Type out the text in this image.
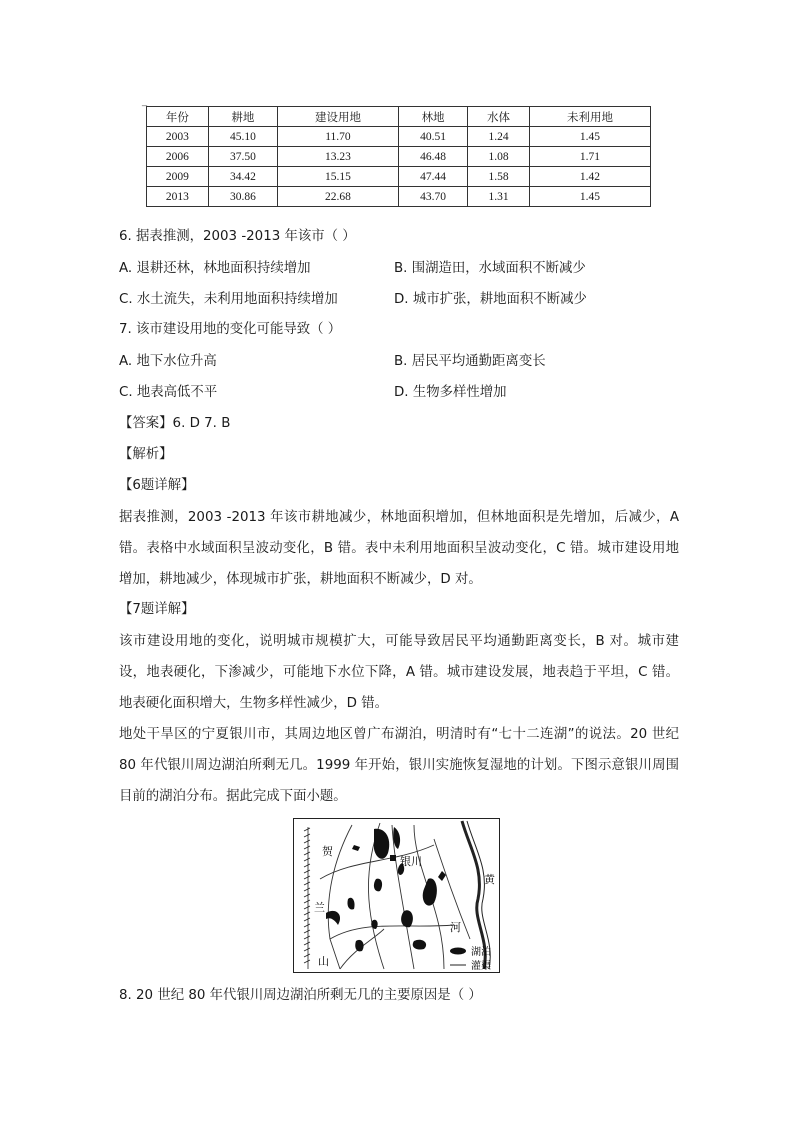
_
年份	耕地	建设用地	林地	水体	未利用地
2003	45.10	11.70	40.51	1.24	1.45
2006	37.50	13.23	46.48	1.08	1.71
2009	34.42	15.15	47.44	1.58	1.42
2013	30.86	22.68	43.70	1.31	1.45
6. 据表推测，2003 -2013 年该市（ ）
A. 退耕还林，林地面积持续增加	B. 围湖造田，水域面积不断减少
C. 水土流失，未利用地面积持续增加	D. 城市扩张，耕地面积不断减少
7. 该市建设用地的变化可能导致（ ）
A. 地下水位升高	B. 居民平均通勤距离变长
C. 地表高低不平	D. 生物多样性增加
【答案】6. D 7. B
【解析】
【6题详解】
据表推测，2003 -2013 年该市耕地减少，林地面积增加，但林地面积是先增加，后减少，A 错。表格中水域面积呈波动变化，B 错。表中未利用地面积呈波动变化，C 错。城市建设用地增加，耕地减少，体现城市扩张，耕地面积不断减少，D 对。
【7题详解】
该市建设用地的变化，说明城市规模扩大，可能导致居民平均通勤距离变长，B 对。城市建设，地表硬化，下渗减少，可能地下水位下降，A 错。城市建设发展，地表趋于平坦，C 错。地表硬化面积增大，生物多样性减少，D 错。
地处干旱区的宁夏银川市，其周边地区曾广布湖泊，明清时有“七十二连湖”的说法。20 世纪 80 年代银川周边湖泊所剩无几。1999 年开始，银川实施恢复湿地的计划。下图示意银川周围目前的湖泊分布。据此完成下面小题。
贺
兰
山
银川
黄
河
湖泊
灌渠
8. 20 世纪 80 年代银川周边湖泊所剩无几的主要原因是（ ）
